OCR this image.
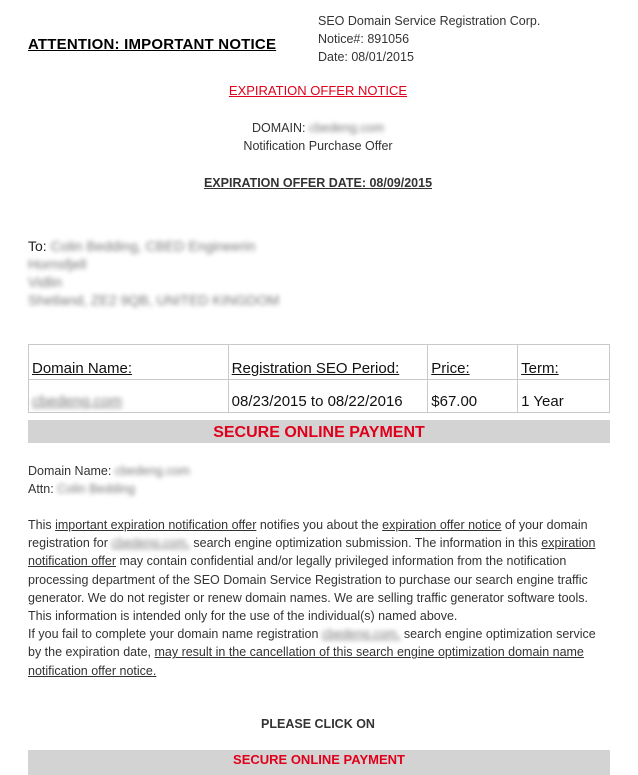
SEO Domain Service Registration Corp.
Notice#: 891056
Date: 08/01/2015
ATTENTION: IMPORTANT NOTICE
EXPIRATION OFFER NOTICE
DOMAIN: cbedeng.com
Notification Purchase Offer
EXPIRATION OFFER DATE: 08/09/2015
To: Colin Bedding, CBED Engineerin
Hornsfjell
Vidlin
Shetland, ZE2 9QB, UNITED KINGDOM
Domain Name:	Registration SEO Period:	Price:	Term:
cbedeng.com	08/23/2015 to 08/22/2016	$67.00	1 Year
SECURE ONLINE PAYMENT
Domain Name: cbedeng.com
Attn: Colin Bedding
This important expiration notification offer notifies you about the expiration offer notice of your domain registration for cbedeng.com, search engine optimization submission. The information in this expiration notification offer may contain confidential and/or legally privileged information from the notification processing department of the SEO Domain Service Registration to purchase our search engine traffic generator. We do not register or renew domain names. We are selling traffic generator software tools. This information is intended only for the use of the individual(s) named above.
If you fail to complete your domain name registration cbedeng.com, search engine optimization service by the expiration date, may result in the cancellation of this search engine optimization domain name notification offer notice.
PLEASE CLICK ON
SECURE ONLINE PAYMENT
